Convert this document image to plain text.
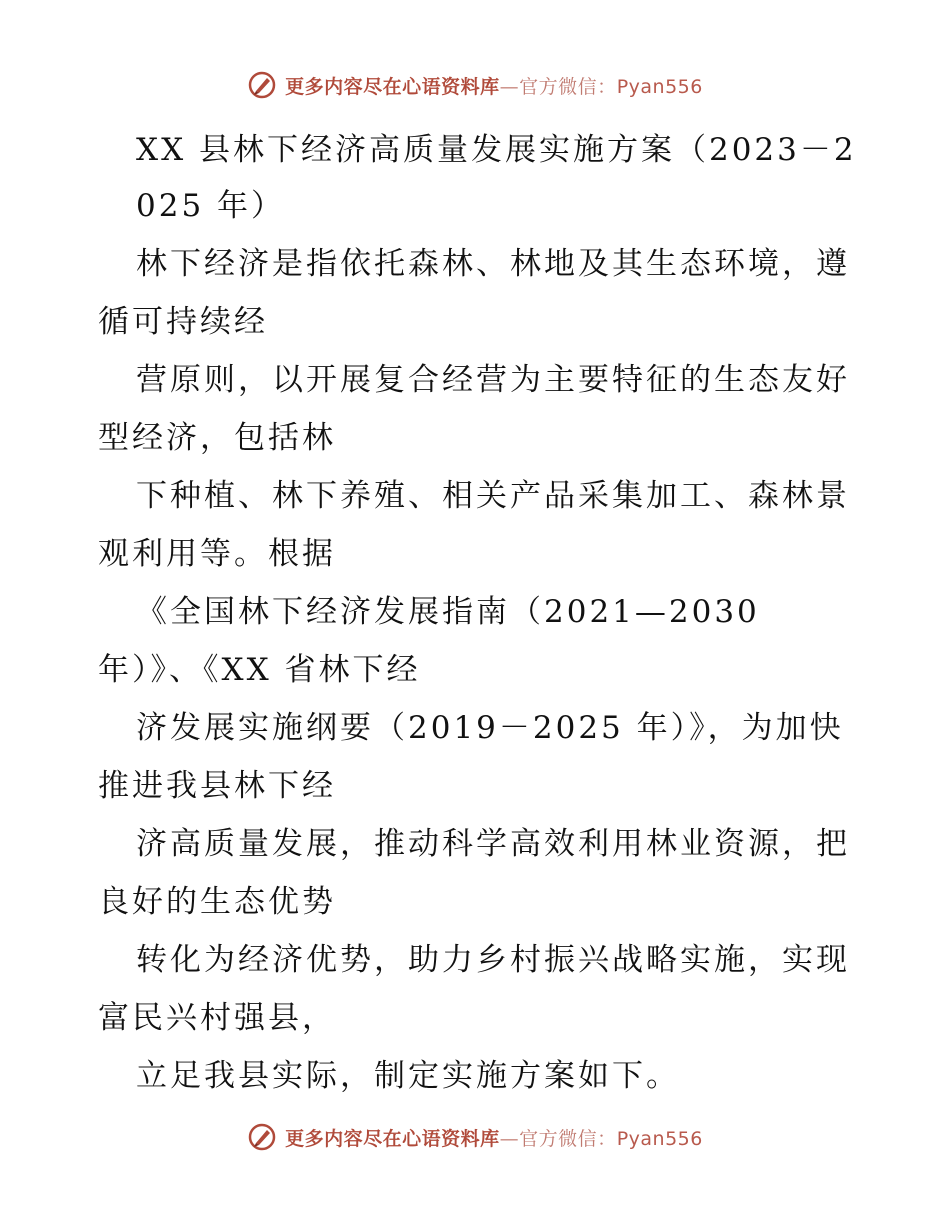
更多内容尽在心语资料库—官方微信：Pyan556
XX 县林下经济高质量发展实施方案（2023－2
025 年）
林下经济是指依托森林、林地及其生态环境，遵
循可持续经
营原则，以开展复合经营为主要特征的生态友好
型经济，包括林
下种植、林下养殖、相关产品采集加工、森林景
观利用等。根据
《全国林下经济发展指南（2021—2030
年）》、《XX 省林下经
济发展实施纲要（2019－2025 年）》，为加快
推进我县林下经
济高质量发展，推动科学高效利用林业资源，把
良好的生态优势
转化为经济优势，助力乡村振兴战略实施，实现
富民兴村强县，
立足我县实际，制定实施方案如下。
更多内容尽在心语资料库—官方微信：Pyan556
